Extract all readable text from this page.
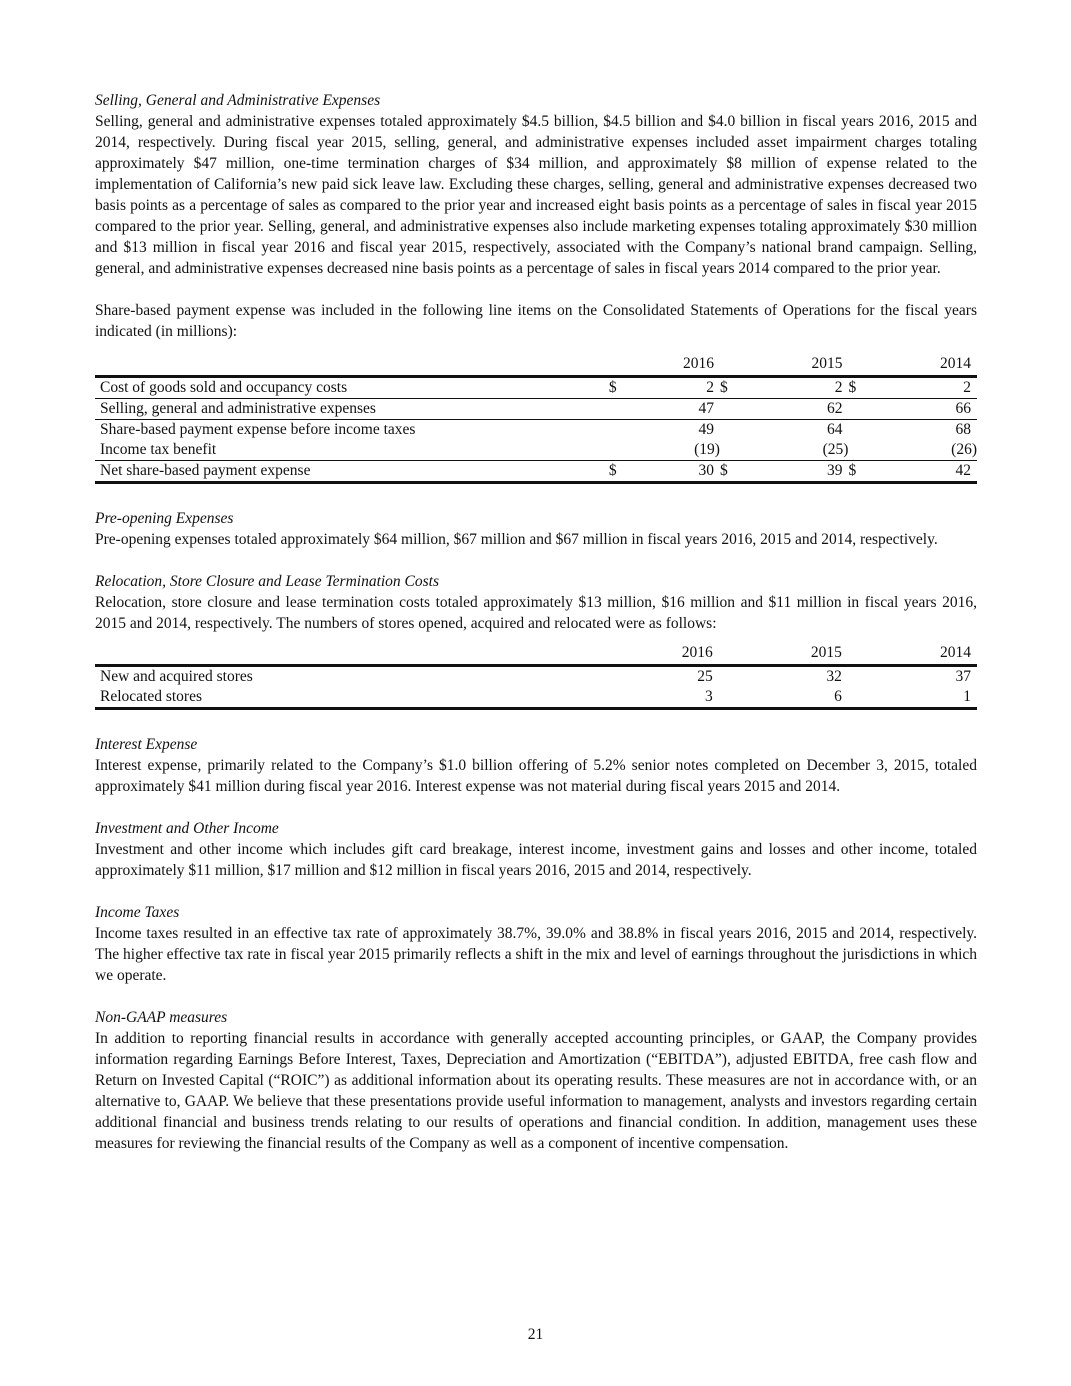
Selling, General and Administrative Expenses

Selling, general and administrative expenses totaled approximately $4.5 billion, $4.5 billion and $4.0 billion in fiscal years 2016, 2015 and 2014, respectively. During fiscal year 2015, selling, general, and administrative expenses included asset impairment charges totaling approximately $47 million, one-time termination charges of $34 million, and approximately $8 million of expense related to the implementation of California’s new paid sick leave law. Excluding these charges, selling, general and administrative expenses decreased two basis points as a percentage of sales as compared to the prior year and increased eight basis points as a percentage of sales in fiscal year 2015 compared to the prior year. Selling, general, and administrative expenses also include marketing expenses totaling approximately $30 million and $13 million in fiscal year 2016 and fiscal year 2015, respectively, associated with the Company’s national brand campaign. Selling, general, and administrative expenses decreased nine basis points as a percentage of sales in fiscal years 2014 compared to the prior year.

Share-based payment expense was included in the following line items on the Consolidated Statements of Operations for the fiscal years indicated (in millions):

		2016		2015		2014
Cost of goods sold and occupancy costs	$	2	$	2	$	2
Selling, general and administrative expenses		47		62		66
Share-based payment expense before income taxes		49		64		68
Income tax benefit		(19)		(25)		(26)
Net share-based payment expense	$	30	$	39	$	42

Pre-opening Expenses

Pre-opening expenses totaled approximately $64 million, $67 million and $67 million in fiscal years 2016, 2015 and 2014, respectively.

Relocation, Store Closure and Lease Termination Costs

Relocation, store closure and lease termination costs totaled approximately $13 million, $16 million and $11 million in fiscal years 2016, 2015 and 2014, respectively. The numbers of stores opened, acquired and relocated were as follows:

		2016		2015		2014
New and acquired stores		25		32		37
Relocated stores		3		6		1

Interest Expense

Interest expense, primarily related to the Company’s $1.0 billion offering of 5.2% senior notes completed on December 3, 2015, totaled approximately $41 million during fiscal year 2016. Interest expense was not material during fiscal years 2015 and 2014.

Investment and Other Income

Investment and other income which includes gift card breakage, interest income, investment gains and losses and other income, totaled approximately $11 million, $17 million and $12 million in fiscal years 2016, 2015 and 2014, respectively.

Income Taxes

Income taxes resulted in an effective tax rate of approximately 38.7%, 39.0% and 38.8% in fiscal years 2016, 2015 and 2014, respectively. The higher effective tax rate in fiscal year 2015 primarily reflects a shift in the mix and level of earnings throughout the jurisdictions in which we operate.

Non-GAAP measures

In addition to reporting financial results in accordance with generally accepted accounting principles, or GAAP, the Company provides information regarding Earnings Before Interest, Taxes, Depreciation and Amortization (“EBITDA”), adjusted EBITDA, free cash flow and Return on Invested Capital (“ROIC”) as additional information about its operating results. These measures are not in accordance with, or an alternative to, GAAP. We believe that these presentations provide useful information to management, analysts and investors regarding certain additional financial and business trends relating to our results of operations and financial condition. In addition, management uses these measures for reviewing the financial results of the Company as well as a component of incentive compensation.

21
